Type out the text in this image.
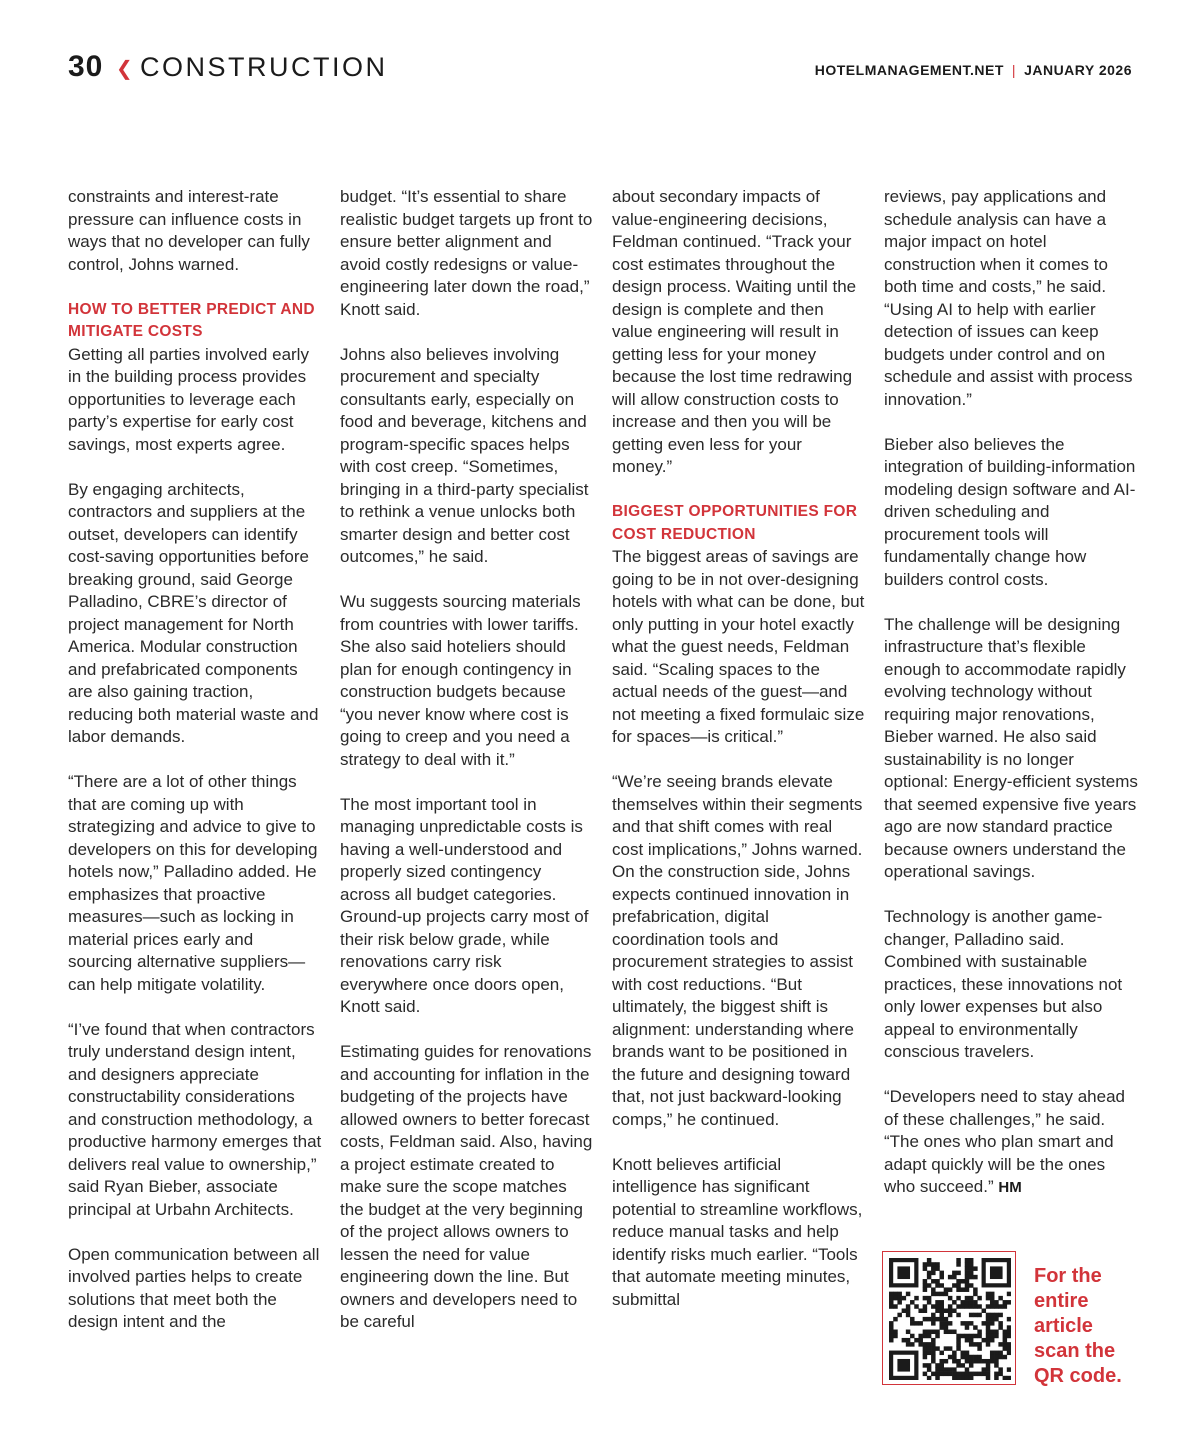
30 ❮ CONSTRUCTION	HOTELMANAGEMENT.NET | JANUARY 2026

constraints and interest-rate pressure can influence costs in ways that no developer can fully control, Johns warned.

HOW TO BETTER PREDICT AND MITIGATE COSTS

Getting all parties involved early in the building process provides opportunities to leverage each party’s expertise for early cost savings, most experts agree.

By engaging architects, contractors and suppliers at the outset, developers can identify cost-saving opportunities before breaking ground, said George Palladino, CBRE’s director of project management for North America. Modular construction and prefabricated components are also gaining traction, reducing both material waste and labor demands.

“There are a lot of other things that are coming up with strategizing and advice to give to developers on this for developing hotels now,” Palladino added. He emphasizes that proactive measures—such as locking in material prices early and sourcing alternative suppliers—can help mitigate volatility.

“I’ve found that when contractors truly understand design intent, and designers appreciate constructability considerations and construction methodology, a productive harmony emerges that delivers real value to ownership,” said Ryan Bieber, associate principal at Urbahn Architects.

Open communication between all involved parties helps to create solutions that meet both the design intent and the

budget. “It’s essential to share realistic budget targets up front to ensure better alignment and avoid costly redesigns or value-engineering later down the road,” Knott said.

Johns also believes involving procurement and specialty consultants early, especially on food and beverage, kitchens and program-specific spaces helps with cost creep. “Sometimes, bringing in a third-party specialist to rethink a venue unlocks both smarter design and better cost outcomes,” he said.

Wu suggests sourcing materials from countries with lower tariffs. She also said hoteliers should plan for enough contingency in construction budgets because “you never know where cost is going to creep and you need a strategy to deal with it.”

The most important tool in managing unpredictable costs is having a well-understood and properly sized contingency across all budget categories. Ground-up projects carry most of their risk below grade, while renovations carry risk everywhere once doors open, Knott said.

Estimating guides for renovations and accounting for inflation in the budgeting of the projects have allowed owners to better forecast costs, Feldman said. Also, having a project estimate created to make sure the scope matches the budget at the very beginning of the project allows owners to lessen the need for value engineering down the line. But owners and developers need to be careful

about secondary impacts of value-engineering decisions, Feldman continued. “Track your cost estimates throughout the design process. Waiting until the design is complete and then value engineering will result in getting less for your money because the lost time redrawing will allow construction costs to increase and then you will be getting even less for your money.”

BIGGEST OPPORTUNITIES FOR COST REDUCTION

The biggest areas of savings are going to be in not over-designing hotels with what can be done, but only putting in your hotel exactly what the guest needs, Feldman said. “Scaling spaces to the actual needs of the guest—and not meeting a fixed formulaic size for spaces—is critical.”

“We’re seeing brands elevate themselves within their segments and that shift comes with real cost implications,” Johns warned. On the construction side, Johns expects continued innovation in prefabrication, digital coordination tools and procurement strategies to assist with cost reductions. “But ultimately, the biggest shift is alignment: understanding where brands want to be positioned in the future and designing toward that, not just backward-looking comps,” he continued.

Knott believes artificial intelligence has significant potential to streamline workflows, reduce manual tasks and help identify risks much earlier. “Tools that automate meeting minutes, submittal

reviews, pay applications and schedule analysis can have a major impact on hotel construction when it comes to both time and costs,” he said. “Using AI to help with earlier detection of issues can keep budgets under control and on schedule and assist with process innovation.”

Bieber also believes the integration of building-information modeling design software and AI-driven scheduling and procurement tools will fundamentally change how builders control costs.

The challenge will be designing infrastructure that’s flexible enough to accommodate rapidly evolving technology without requiring major renovations, Bieber warned. He also said sustainability is no longer optional: Energy-efficient systems that seemed expensive five years ago are now standard practice because owners understand the operational savings.

Technology is another game-changer, Palladino said. Combined with sustainable practices, these innovations not only lower expenses but also appeal to environmentally conscious travelers.

“Developers need to stay ahead of these challenges,” he said. “The ones who plan smart and adapt quickly will be the ones who succeed.” HM

For the entire article scan the QR code.
